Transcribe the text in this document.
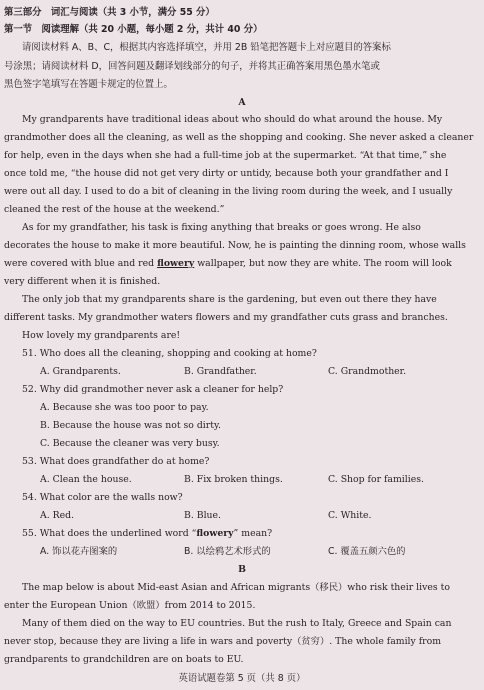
第三部分　词汇与阅读（共 3 小节，满分 55 分）
第一节　阅读理解（共 20 小题，每小题 2 分，共计 40 分）
请阅读材料 A、B、C，根据其内容选择填空，并用 2B 铅笔把答题卡上对应题目的答案标
号涂黑；请阅读材料 D，回答问题及翻译划线部分的句子，并将其正确答案用黑色墨水笔或
黑色签字笔填写在答题卡规定的位置上。
A
My grandparents have traditional ideas about who should do what around the house. My
grandmother does all the cleaning, as well as the shopping and cooking. She never asked a cleaner
for help, even in the days when she had a full-time job at the supermarket. “At that time,” she
once told me, “the house did not get very dirty or untidy, because both your grandfather and I
were out all day. I used to do a bit of cleaning in the living room during the week, and I usually
cleaned the rest of the house at the weekend.”
As for my grandfather, his task is fixing anything that breaks or goes wrong. He also
decorates the house to make it more beautiful. Now, he is painting the dinning room, whose walls
were covered with blue and red flowery wallpaper, but now they are white. The room will look
very different when it is finished.
The only job that my grandparents share is the gardening, but even out there they have
different tasks. My grandmother waters flowers and my grandfather cuts grass and branches.
How lovely my grandparents are!
51. Who does all the cleaning, shopping and cooking at home?
A. Grandparents.	B. Grandfather.	C. Grandmother.
52. Why did grandmother never ask a cleaner for help?
A. Because she was too poor to pay.
B. Because the house was not so dirty.
C. Because the cleaner was very busy.
53. What does grandfather do at home?
A. Clean the house.	B. Fix broken things.	C. Shop for families.
54. What color are the walls now?
A. Red.	B. Blue.	C. White.
55. What does the underlined word “flowery” mean?
A. 饰以花卉图案的	B. 以绘鸦艺术形式的	C. 覆盖五颜六色的
B
The map below is about Mid-east Asian and African migrants（移民）who risk their lives to
enter the European Union（欧盟）from 2014 to 2015.
Many of them died on the way to EU countries. But the rush to Italy, Greece and Spain can
never stop, because they are living a life in wars and poverty（贫穷）. The whole family from
grandparents to grandchildren are on boats to EU.
英语试题卷第 5 页（共 8 页）
